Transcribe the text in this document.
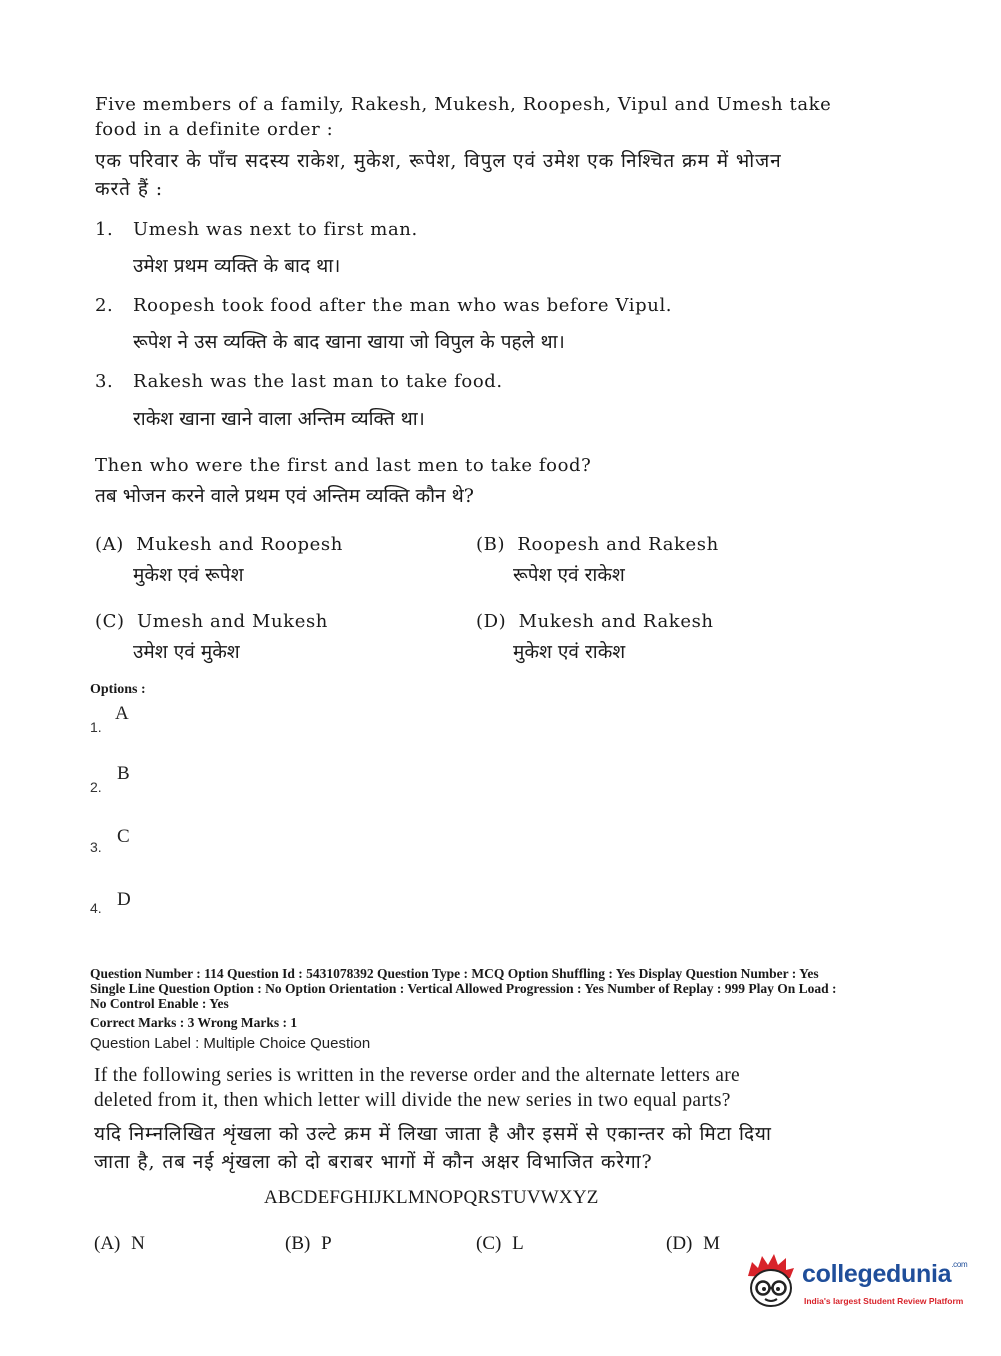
Five members of a family, Rakesh, Mukesh, Roopesh, Vipul and Umesh take
food in a definite order :
एक परिवार के पाँच सदस्य राकेश, मुकेश, रूपेश, विपुल एवं उमेश एक निश्चित क्रम में भोजन
करते हैं :
1. Umesh was next to first man.
उमेश प्रथम व्यक्ति के बाद था।
2. Roopesh took food after the man who was before Vipul.
रूपेश ने उस व्यक्ति के बाद खाना खाया जो विपुल के पहले था।
3. Rakesh was the last man to take food.
राकेश खाना खाने वाला अन्तिम व्यक्ति था।
Then who were the first and last men to take food?
तब भोजन करने वाले प्रथम एवं अन्तिम व्यक्ति कौन थे?
(A) Mukesh and Roopesh
मुकेश एवं रूपेश
(B) Roopesh and Rakesh
रूपेश एवं राकेश
(C) Umesh and Mukesh
उमेश एवं मुकेश
(D) Mukesh and Rakesh
मुकेश एवं राकेश
Options :
1.
A
2.
B
3. C
4. D
Question Number : 114 Question Id : 5431078392 Question Type : MCQ Option Shuffling : Yes Display Question Number : Yes
Single Line Question Option : No Option Orientation : Vertical Allowed Progression : Yes Number of Replay : 999 Play On Load :
No Control Enable : Yes
Correct Marks : 3 Wrong Marks : 1
Question Label : Multiple Choice Question
If the following series is written in the reverse order and the alternate letters are
deleted from it, then which letter will divide the new series in two equal parts?
यदि निम्नलिखित शृंखला को उल्टे क्रम में लिखा जाता है और इसमें से एकान्तर को मिटा दिया
जाता है, तब नई शृंखला को दो बराबर भागों में कौन अक्षर विभाजित करेगा?
ABCDEFGHIJKLMNOPQRSTUVWXYZ
(A) N	(B) P	(C) L	(D) M
collegedunia$^{.com}$
India's largest Student Review Platform
